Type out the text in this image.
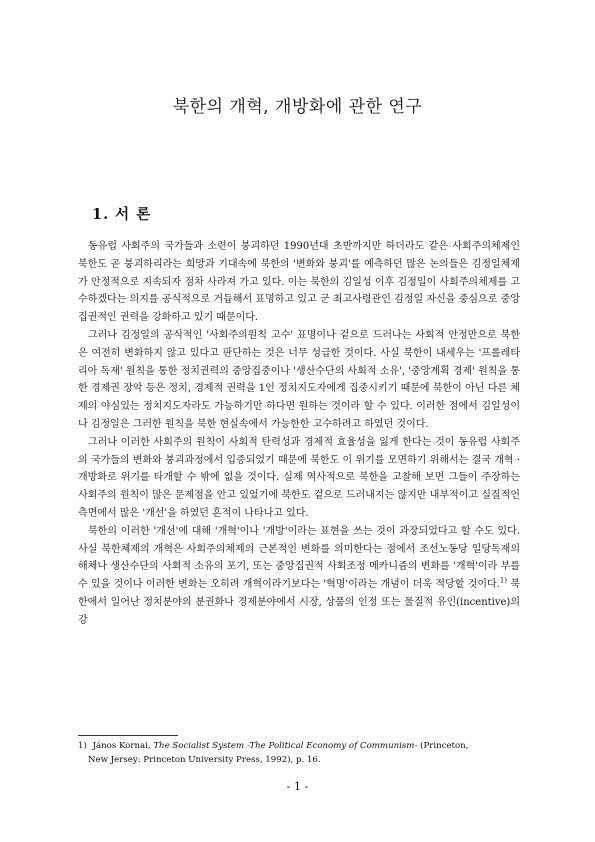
북한의 개혁, 개방화에 관한 연구
1. 서 론

동유럽 사회주의 국가들과 소련이 붕괴하던 1990년대 초반까지만 하더라도 같은 사회주의체제인 북한도 곧 붕괴하리라는 희망과 기대속에 북한의 '변화와 붕괴'를 예측하던 많은 논의들은 김정일체제가 안정적으로 지속되자 점차 사라져 가고 있다. 이는 북한의 김일성 이후 김정일이 사회주의체제를 고수하겠다는 의지를 공식적으로 거듭해서 표명하고 있고 군 최고사령관인 김정일 자신을 중심으로 중앙집권적인 권력을 강화하고 있기 때문이다.

그러나 김정일의 공식적인 '사회주의원칙 고수' 표명이나 겉으로 드러나는 사회적 안정만으로 북한은 여전히 변화하지 않고 있다고 판단하는 것은 너무 성급한 것이다. 사실 북한이 내세우는 '프롤레타리아 독재' 원칙을 통한 정치권력의 중앙집중이나 '생산수단의 사회적 소유', '중앙계획 경제' 원칙을 통한 경제권 장악 등은 정치, 경제적 권력을 1인 정치지도자에게 집중시키기 때문에 북한이 아닌 다른 체제의 야심있는 정치지도자라도 가능하기만 하다면 원하는 것이라 할 수 있다. 이러한 점에서 김일성이나 김정일은 그러한 원칙을 북한 현실속에서 가능한한 고수하려고 하였던 것이다.

그러나 이러한 사회주의 원칙이 사회적 탄력성과 경제적 효율성을 잃게 한다는 것이 동유럽 사회주의 국가들의 변화와 붕괴과정에서 입증되었기 때문에 북한도 이 위기를 모면하기 위해서는 결국 개혁 · 개방화로 위기를 타개할 수 밖에 없을 것이다. 실제 역사적으로 북한을 고찰해 보면 그들이 주장하는 사회주의 원칙이 많은 문제점을 안고 있었기에 북한도 겉으로 드러내지는 않지만 내부적이고 실질적인 측면에서 많은 '개선'을 하였던 흔적이 나타나고 있다.

북한의 이러한 '개선'에 대해 '개혁'이나 '개방'이라는 표현을 쓰는 것이 과장되었다고 할 수도 있다. 사실 북한체제의 개혁은 사회주의체제의 근본적인 변화를 의미한다는 점에서 조선노동당 일당독재의 해체나 생산수단의 사회적 소유의 포기, 또는 중앙집권적 사회조정 메카니즘의 변화를 '개혁'이라 부를 수 있을 것이나 이러한 변화는 오히려 개혁이라기보다는 '혁명'이라는 개념이 더욱 적당할 것이다.$^{1)}$ 북한에서 일어난 정치분야의 분권화나 경제분야에서 시장, 상품의 인정 또는 물질적 유인(incentive)의 강

1) János Kornai, The Socialist System -The Political Economy of Communism- (Princeton,
New Jersey: Princeton University Press, 1992), p. 16.
- 1 -
